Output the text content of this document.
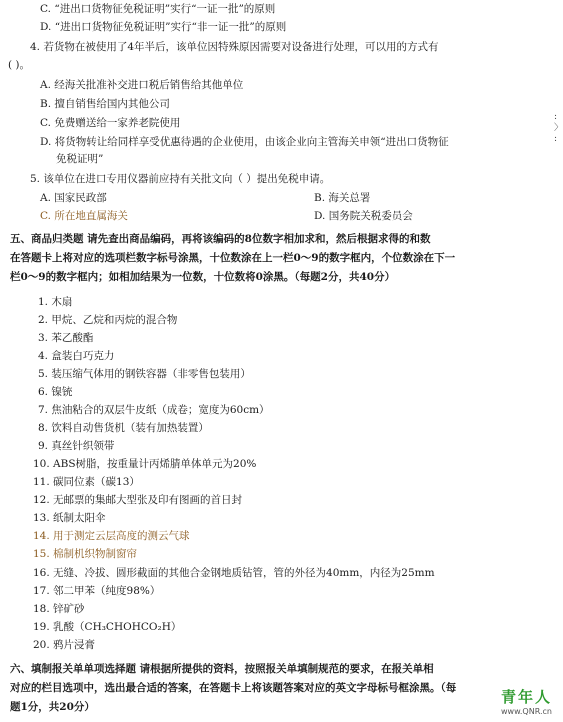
C. “进出口货物征免税证明”实行“一证一批”的原则
D. “进出口货物征免税证明”实行“非一证一批”的原则
4. 若货物在被使用了4年半后，该单位因特殊原因需要对设备进行处理，可以用的方式有
( )。
A. 经海关批准补交进口税后销售给其他单位
B. 擅自销售给国内其他公司
C. 免费赠送给一家养老院使用
D. 将货物转让给同样享受优惠待遇的企业使用，由该企业向主管海关申领“进出口货物征
免税证明”
5. 该单位在进口专用仪器前应持有关批文向（ ）提出免税申请。
A. 国家民政部	B. 海关总署
C. 所在地直属海关	D. 国务院关税委员会
五、商品归类题 请先查出商品编码，再将该编码的8位数字相加求和，然后根据求得的和数
在答题卡上将对应的选项栏数字标号涂黑，十位数涂在上一栏0～9的数字框内，个位数涂在下一
栏0～9的数字框内；如相加结果为一位数，十位数将0涂黑。（每题2分，共40分）
1. 木扇
2. 甲烷、乙烷和丙烷的混合物
3. 苯乙酸酯
4. 盒装白巧克力
5. 装压缩气体用的钢铁容器（非零售包装用）
6. 镍铳
7. 焦油粘合的双层牛皮纸（成卷；宽度为60cm）
8. 饮料自动售货机（装有加热装置）
9. 真丝针织领带
10. ABS树脂，按重量计丙烯腈单体单元为20%
11. 碳同位素（碳13）
12. 无邮票的集邮大型张及印有图画的首日封
13. 纸制太阳伞
14. 用于测定云层高度的测云气球
15. 棉制机织物制窗帘
16. 无缝、冷拔、圆形截面的其他合金钢地质钻管，管的外径为40mm，内径为25mm
17. 邻二甲苯（纯度98%）
18. 锌矿砂
19. 乳酸（CH₃CHOHCO₂H）
20. 鸦片浸膏
六、填制报关单单项选择题 请根据所提供的资料，按照报关单填制规范的要求，在报关单相
对应的栏目选项中，选出最合适的答案，在答题卡上将该题答案对应的英文字母标号框涂黑。（每
题1分，共20分）
:
〉
:
青年人
www.QNR.cn
